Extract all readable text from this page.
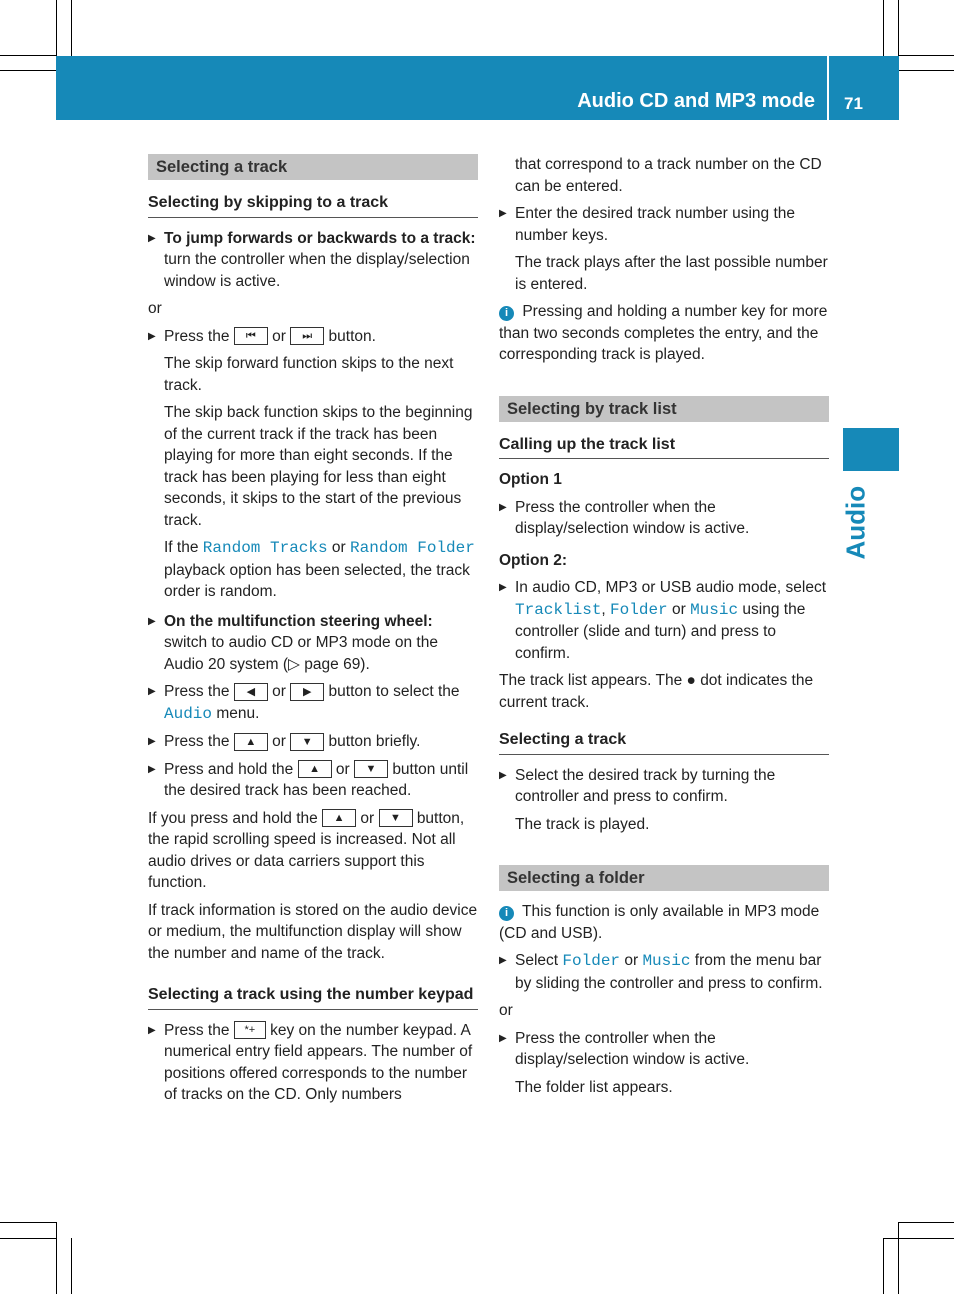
Audio CD and MP3 mode 71
Audio
Selecting a track
Selecting by skipping to a track
▶ To jump forwards or backwards to a track: turn the controller when the display/selection window is active.
or
▶ Press the ⏮ or ⏭ button.
The skip forward function skips to the next track.
The skip back function skips to the beginning of the current track if the track has been playing for more than eight seconds. If the track has been playing for less than eight seconds, it skips to the start of the previous track.
If the Random Tracks or Random Folder playback option has been selected, the track order is random.
▶ On the multifunction steering wheel: switch to audio CD or MP3 mode on the Audio 20 system (▷ page 69).
▶ Press the ◀ or ▶ button to select the Audio menu.
▶ Press the ▲ or ▼ button briefly.
▶ Press and hold the ▲ or ▼ button until the desired track has been reached.
If you press and hold the ▲ or ▼ button, the rapid scrolling speed is increased. Not all audio drives or data carriers support this function.
If track information is stored on the audio device or medium, the multifunction display will show the number and name of the track.
Selecting a track using the number keypad
▶ Press the *+ key on the number keypad. A numerical entry field appears. The number of positions offered corresponds to the number of tracks on the CD. Only numbers
that correspond to a track number on the CD can be entered.
▶ Enter the desired track number using the number keys.
The track plays after the last possible number is entered.
i Pressing and holding a number key for more than two seconds completes the entry, and the corresponding track is played.
Selecting by track list
Calling up the track list
Option 1
▶ Press the controller when the display/selection window is active.
Option 2:
▶ In audio CD, MP3 or USB audio mode, select Tracklist, Folder or Music using the controller (slide and turn) and press to confirm.
The track list appears. The ● dot indicates the current track.
Selecting a track
▶ Select the desired track by turning the controller and press to confirm.
The track is played.
Selecting a folder
i This function is only available in MP3 mode (CD and USB).
▶ Select Folder or Music from the menu bar by sliding the controller and press to confirm.
or
▶ Press the controller when the display/selection window is active.
The folder list appears.
